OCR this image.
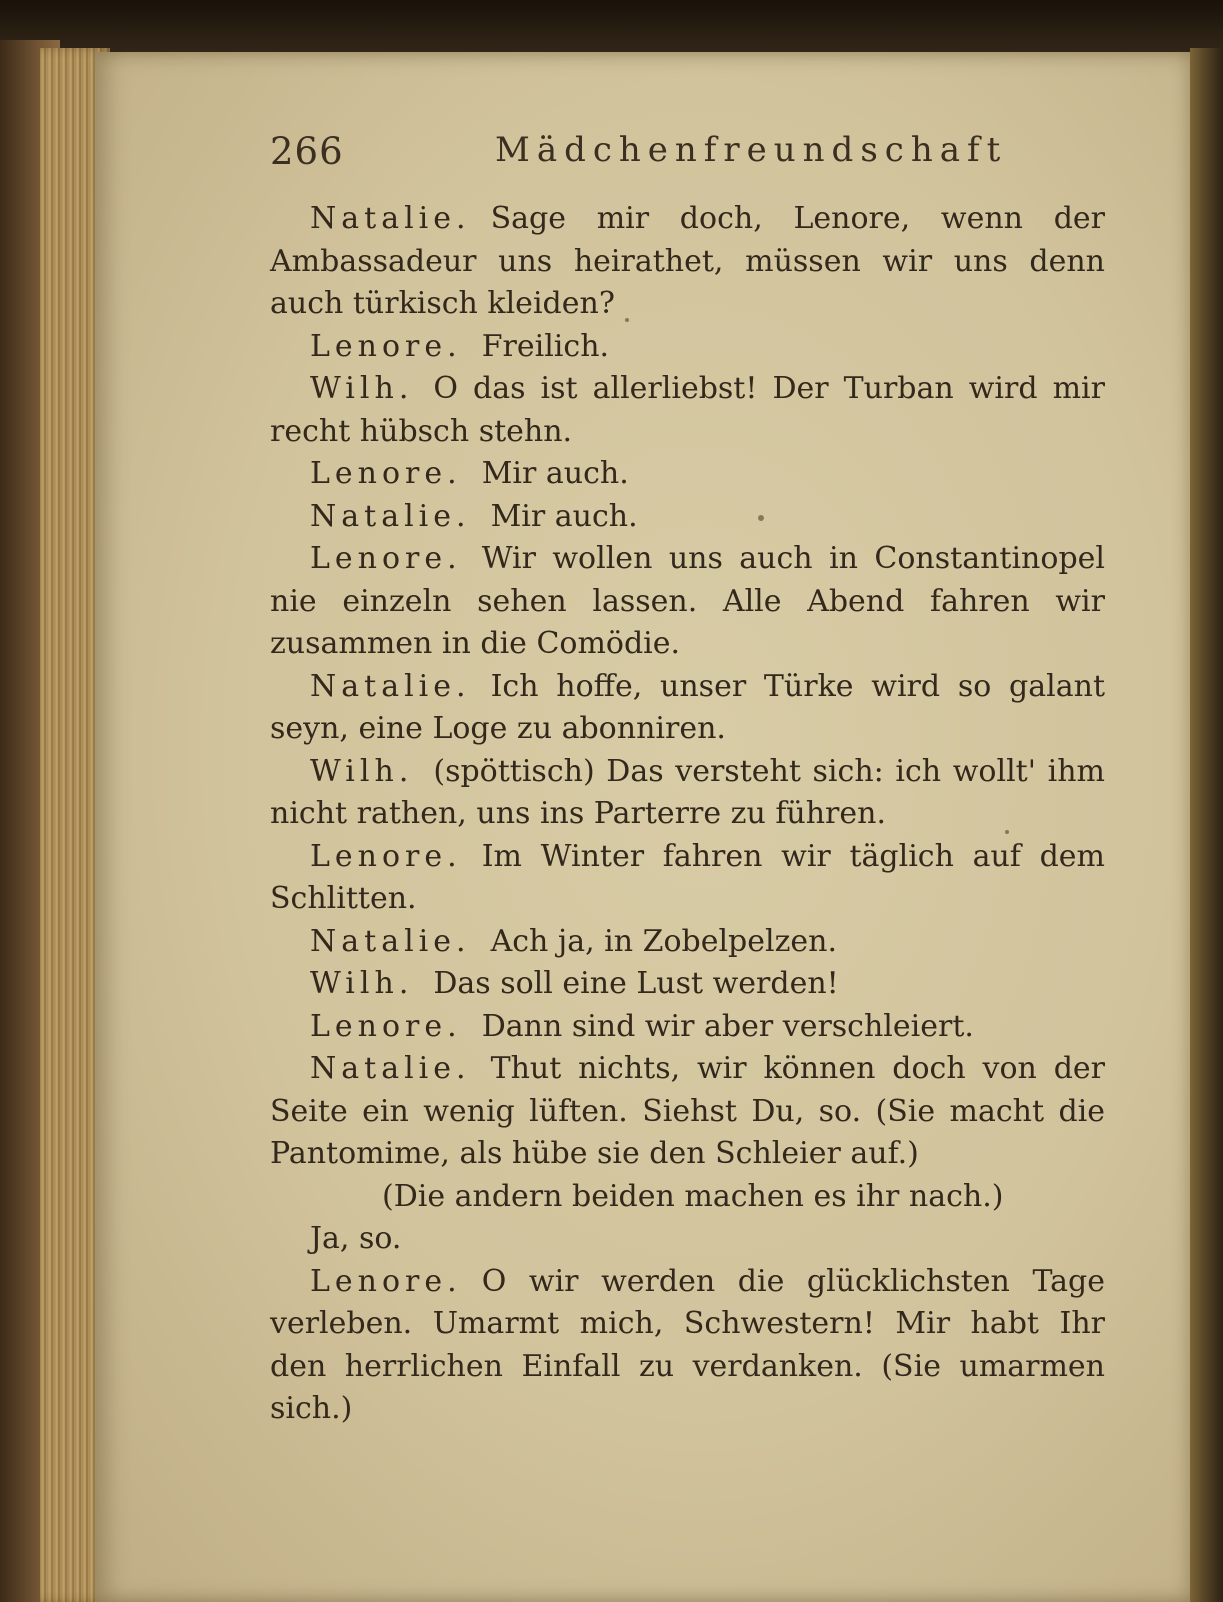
266	Mädchenfreundschaft

Natalie. Sage mir doch, Lenore, wenn der Ambassadeur uns heirathet, müssen wir uns denn auch türkisch kleiden?

Lenore. Freilich.

Wilh. O das ist allerliebst! Der Turban wird mir recht hübsch stehn.

Lenore. Mir auch.

Natalie. Mir auch.

Lenore. Wir wollen uns auch in Constantinopel nie einzeln sehen lassen. Alle Abend fahren wir zusammen in die Comödie.

Natalie. Ich hoffe, unser Türke wird so galant seyn, eine Loge zu abonniren.

Wilh. (spöttisch) Das versteht sich: ich wollt' ihm nicht rathen, uns ins Parterre zu führen.

Lenore. Im Winter fahren wir täglich auf dem Schlitten.

Natalie. Ach ja, in Zobelpelzen.

Wilh. Das soll eine Lust werden!

Lenore. Dann sind wir aber verschleiert.

Natalie. Thut nichts, wir können doch von der Seite ein wenig lüften. Siehst Du, so. (Sie macht die Pantomime, als hübe sie den Schleier auf.)

(Die andern beiden machen es ihr nach.)

Ja, so.

Lenore. O wir werden die glücklichsten Tage verleben. Umarmt mich, Schwestern! Mir habt Ihr den herrlichen Einfall zu verdanken. (Sie umarmen sich.)
